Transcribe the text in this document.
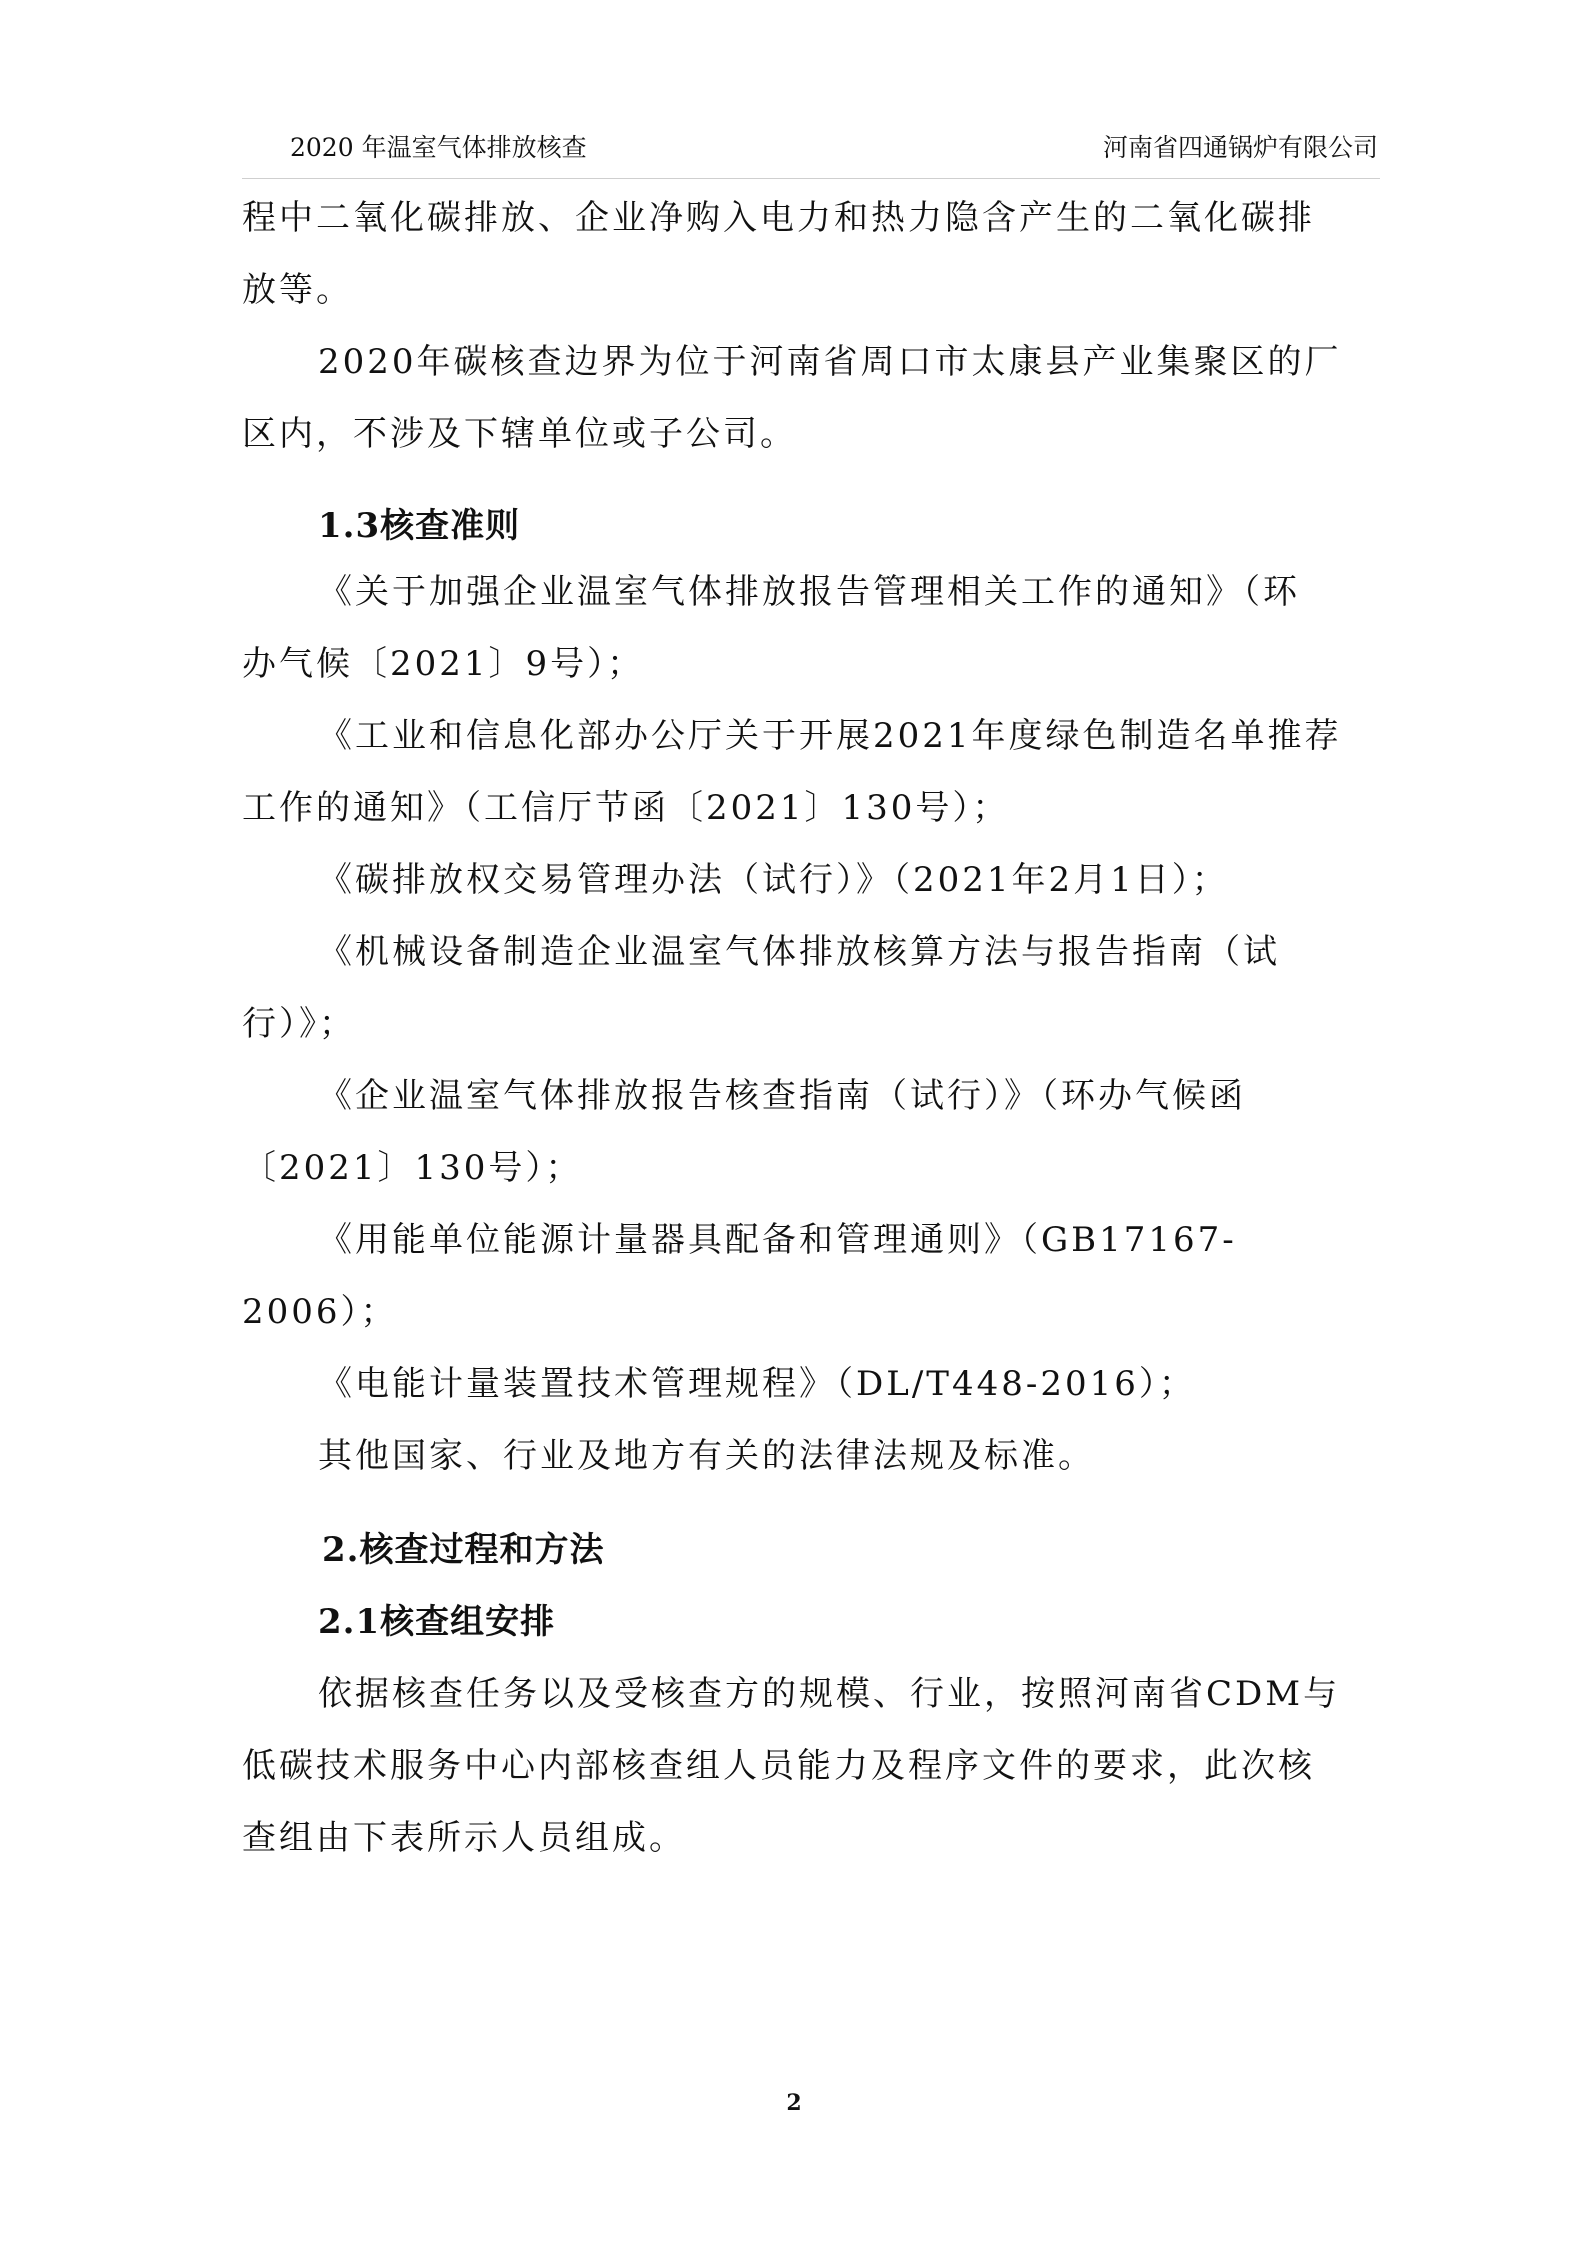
2020 年温室气体排放核查	河南省四通锅炉有限公司
程中二氧化碳排放、企业净购入电力和热力隐含产生的二氧化碳排
放等。
2020年碳核查边界为位于河南省周口市太康县产业集聚区的厂
区内，不涉及下辖单位或子公司。
1.3核查准则
《关于加强企业温室气体排放报告管理相关工作的通知》（环
办气候〔2021〕9号）；
《工业和信息化部办公厅关于开展2021年度绿色制造名单推荐
工作的通知》（工信厅节函〔2021〕130号）；
《碳排放权交易管理办法（试行）》（2021年2月1日）；
《机械设备制造企业温室气体排放核算方法与报告指南（试
行）》；
《企业温室气体排放报告核查指南（试行）》（环办气候函
〔2021〕130号）；
《用能单位能源计量器具配备和管理通则》（GB17167-
2006）；
《电能计量装置技术管理规程》（DL/T448-2016）；
其他国家、行业及地方有关的法律法规及标准。
2.核查过程和方法
2.1核查组安排
依据核查任务以及受核查方的规模、行业，按照河南省CDM与
低碳技术服务中心内部核查组人员能力及程序文件的要求，此次核
查组由下表所示人员组成。
2
